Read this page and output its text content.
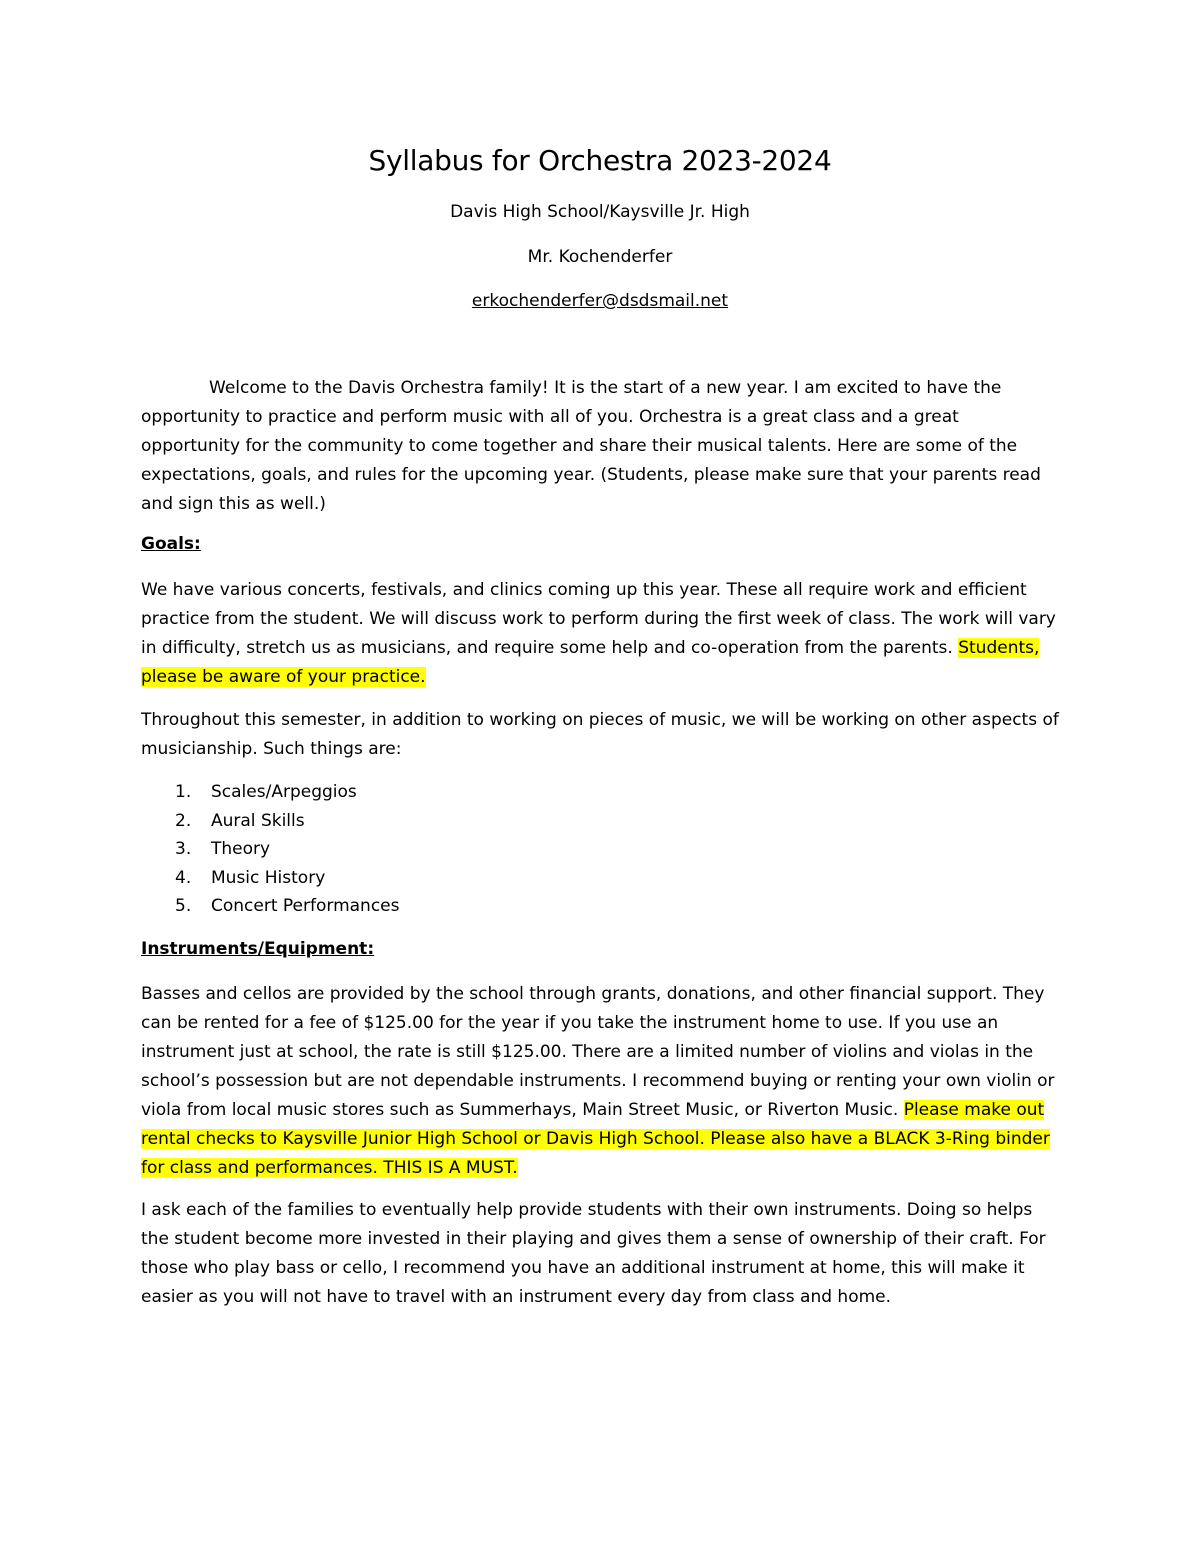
Syllabus for Orchestra 2023-2024
Davis High School/Kaysville Jr. High
Mr. Kochenderfer
erkochenderfer@dsdsmail.net
Welcome to the Davis Orchestra family! It is the start of a new year. I am excited to have the opportunity to practice and perform music with all of you. Orchestra is a great class and a great opportunity for the community to come together and share their musical talents. Here are some of the expectations, goals, and rules for the upcoming year. (Students, please make sure that your parents read and sign this as well.)
Goals:
We have various concerts, festivals, and clinics coming up this year. These all require work and efficient practice from the student. We will discuss work to perform during the first week of class. The work will vary in difficulty, stretch us as musicians, and require some help and co-operation from the parents. Students, please be aware of your practice.
Throughout this semester, in addition to working on pieces of music, we will be working on other aspects of musicianship. Such things are:
1. Scales/Arpeggios
2. Aural Skills
3. Theory
4. Music History
5. Concert Performances
Instruments/Equipment:
Basses and cellos are provided by the school through grants, donations, and other financial support. They can be rented for a fee of $125.00 for the year if you take the instrument home to use. If you use an instrument just at school, the rate is still $125.00. There are a limited number of violins and violas in the school’s possession but are not dependable instruments. I recommend buying or renting your own violin or viola from local music stores such as Summerhays, Main Street Music, or Riverton Music. Please make out rental checks to Kaysville Junior High School or Davis High School. Please also have a BLACK 3-Ring binder for class and performances. THIS IS A MUST.
I ask each of the families to eventually help provide students with their own instruments. Doing so helps the student become more invested in their playing and gives them a sense of ownership of their craft. For those who play bass or cello, I recommend you have an additional instrument at home, this will make it easier as you will not have to travel with an instrument every day from class and home.
